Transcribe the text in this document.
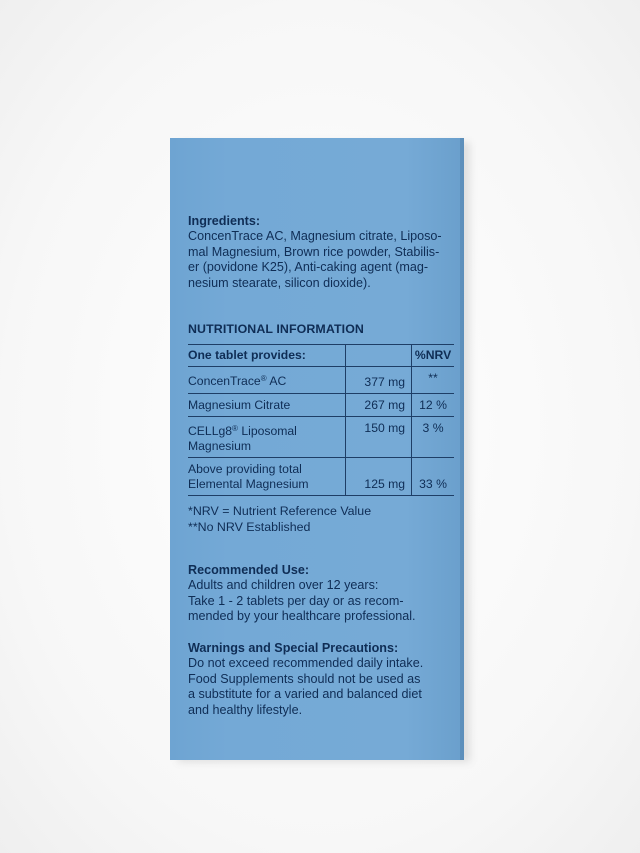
Ingredients:
ConcenTrace AC, Magnesium citrate, Liposo-
mal Magnesium, Brown rice powder, Stabilis-
er (povidone K25), Anti-caking agent (mag-
nesium stearate, silicon dioxide).
NUTRITIONAL INFORMATION
One tablet provides:		%NRV
ConcenTrace® AC	377 mg	**
Magnesium Citrate	267 mg	12 %
CELLg8® Liposomal
Magnesium	150 mg	3 %
Above providing total
Elemental Magnesium	125 mg	33 %
*NRV = Nutrient Reference Value
**No NRV Established
Recommended Use:
Adults and children over 12 years:
Take 1 - 2 tablets per day or as recom-
mended by your healthcare professional.
Warnings and Special Precautions:
Do not exceed recommended daily intake.
Food Supplements should not be used as
a substitute for a varied and balanced diet
and healthy lifestyle.
